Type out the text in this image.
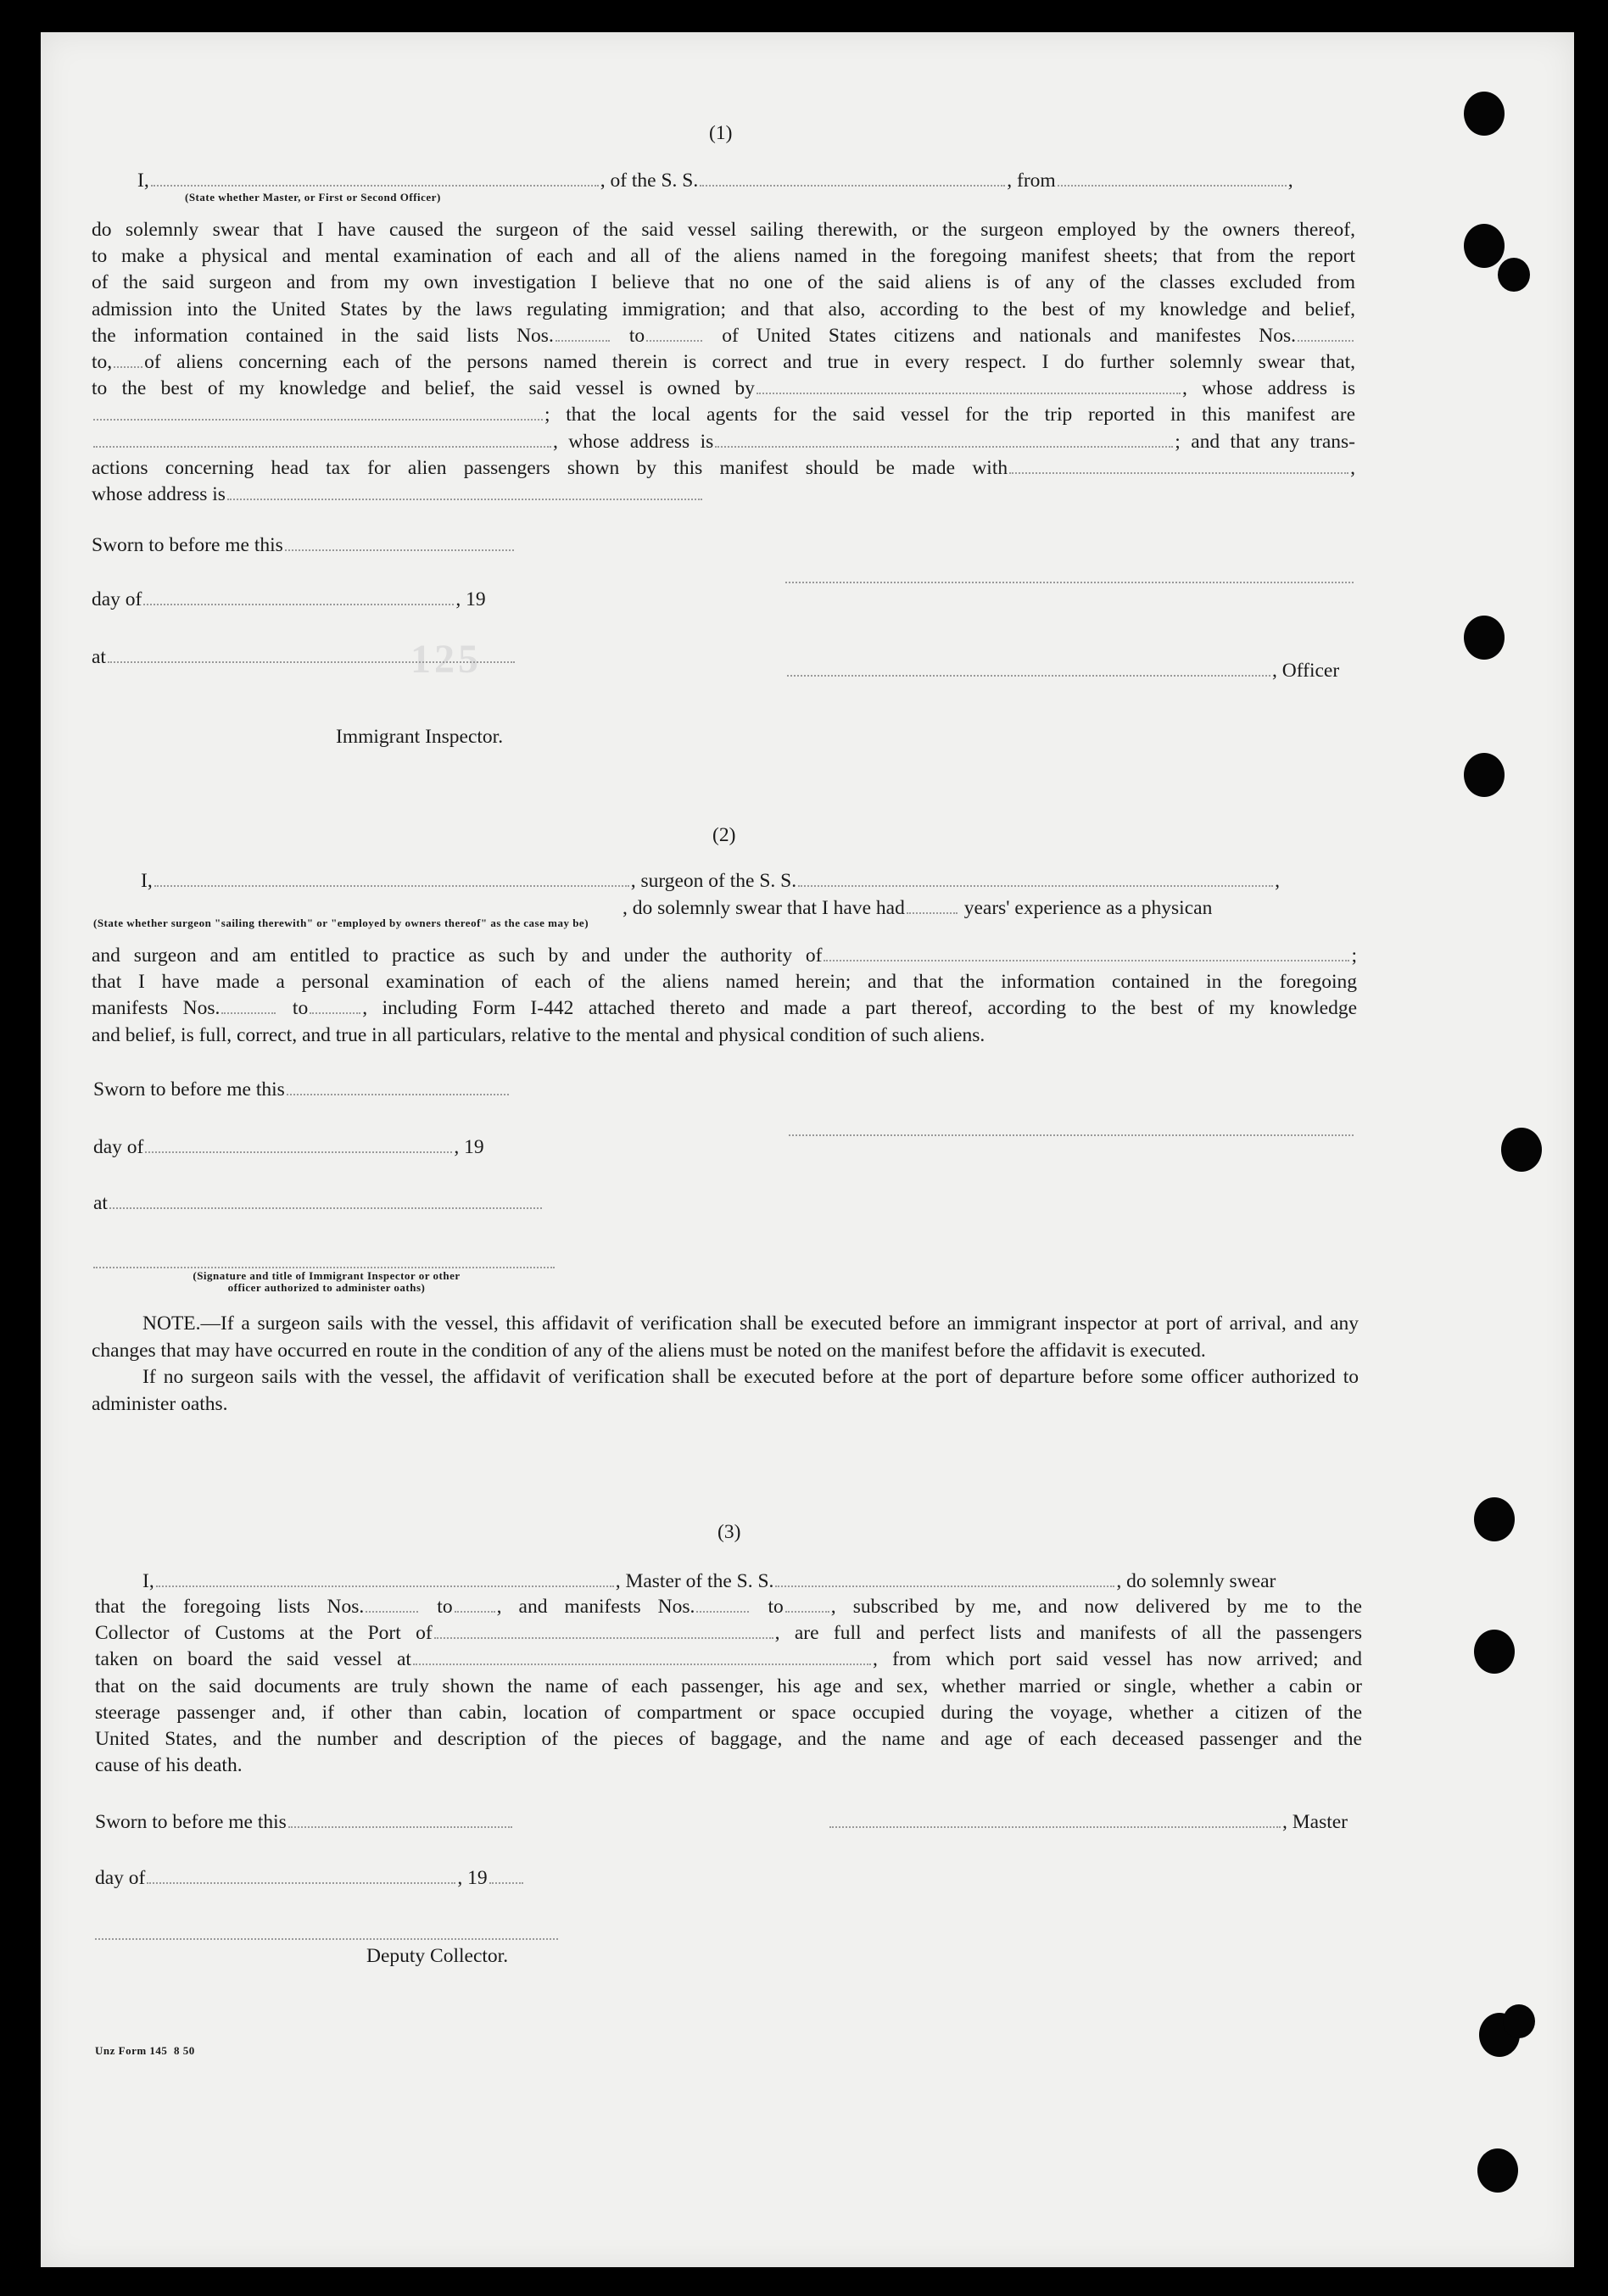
125
(1)
I,	, of the S. S.	, from	,
(State whether Master, or First or Second Officer)
do solemnly swear that I have caused the surgeon of the said vessel sailing therewith, or the surgeon employed by the owners thereof,
to make a physical and mental examination of each and all of the aliens named in the foregoing manifest sheets; that from the report
of the said surgeon and from my own investigation I believe that no one of the said aliens is of any of the classes excluded from
admission into the United States by the laws regulating immigration; and that also, according to the best of my knowledge and belief,
the information contained in the said lists Nos.	to	of United States citizens and nationals and manifestes Nos.
to, of aliens concerning each of the persons named therein is correct and true in every respect. I do further solemnly swear that,
to the best of my knowledge and belief, the said vessel is owned by	, whose address is
; that the local agents for the said vessel for the trip reported in this manifest are
, whose address is	; and that any trans-
actions concerning head tax for alien passengers shown by this manifest should be made with	,
whose address is
Sworn to before me this
day of	, 19
at
, Officer
Immigrant Inspector.
(2)
I,	, surgeon of the S. S.	,
, do solemnly swear that I have had	years' experience as a physican
(State whether surgeon "sailing therewith" or "employed by owners thereof" as the case may be)
and surgeon and am entitled to practice as such by and under the authority of	;
that I have made a personal examination of each of the aliens named herein; and that the information contained in the foregoing
manifests Nos.	to	, including Form I-442 attached thereto and made a part thereof, according to the best of my knowledge
and belief, is full, correct, and true in all particulars, relative to the mental and physical condition of such aliens.
Sworn to before me this
day of	, 19
at
(Signature and title of Immigrant Inspector or other
officer authorized to administer oaths)
NOTE.—If a surgeon sails with the vessel, this affidavit of verification shall be executed before an immigrant inspector at port of arrival, and any changes that may have occurred en route in the condition of any of the aliens must be noted on the manifest before the affidavit is executed.
If no surgeon sails with the vessel, the affidavit of verification shall be executed before at the port of departure before some officer authorized to administer oaths.
(3)
I,	, Master of the S. S.	, do solemnly swear
that the foregoing lists Nos.	to , and manifests Nos.	to , subscribed by me, and now delivered by me to the
Collector of Customs at the Port of	, are full and perfect lists and manifests of all the passengers
taken on board the said vessel at	, from which port said vessel has now arrived; and
that on the said documents are truly shown the name of each passenger, his age and sex, whether married or single, whether a cabin or
steerage passenger and, if other than cabin, location of compartment or space occupied during the voyage, whether a citizen of the
United States, and the number and description of the pieces of baggage, and the name and age of each deceased passenger and the
cause of his death.
Sworn to before me this	, Master
day of	, 19
Deputy Collector.
Unz Form 145 8 50
